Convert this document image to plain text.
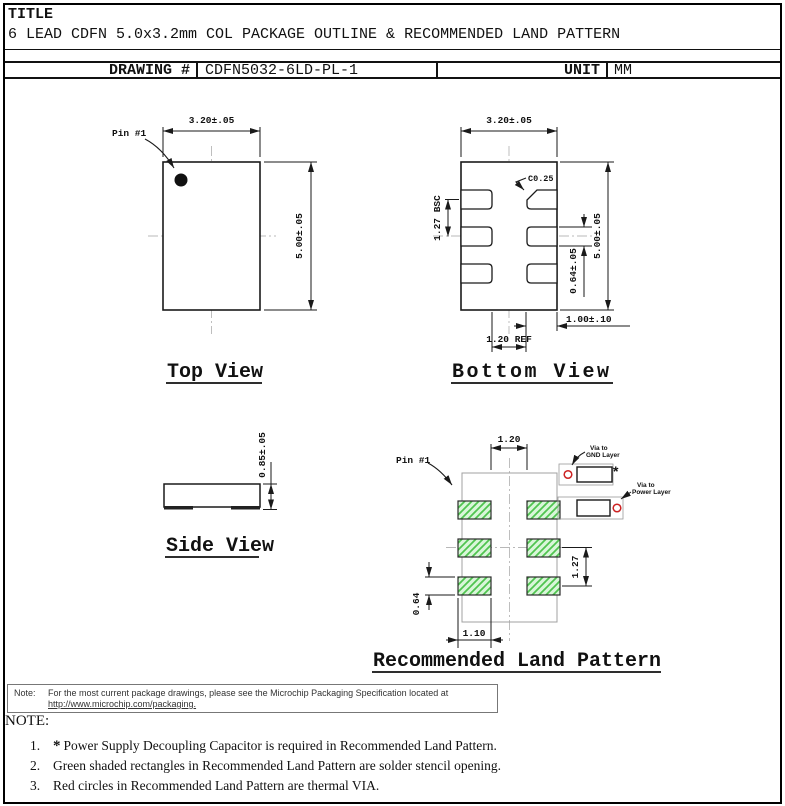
TITLE
6 LEAD CDFN 5.0x3.2mm COL PACKAGE OUTLINE & RECOMMENDED LAND PATTERN
DRAWING # CDFN5032-6LD-PL-1	UNIT MM
Pin #1
3.20±.05
5.00±.05
Top View
C0.25
3.20±.05
1.27 BSC
0.64±.05
5.00±.05
1.00±.10
1.20 REF
Bottom View
0.85±.05
Side View
Pin #1
*
Via to
GND Layer
Via to
Power Layer
1.20
1.27
0.64
1.10
Recommended Land Pattern
Note: For the most current package drawings, please see the Microchip Packaging Specification located at
http://www.microchip.com/packaging.
NOTE:
1. * Power Supply Decoupling Capacitor is required in Recommended Land Pattern.
2. Green shaded rectangles in Recommended Land Pattern are solder stencil opening.
3. Red circles in Recommended Land Pattern are thermal VIA.
